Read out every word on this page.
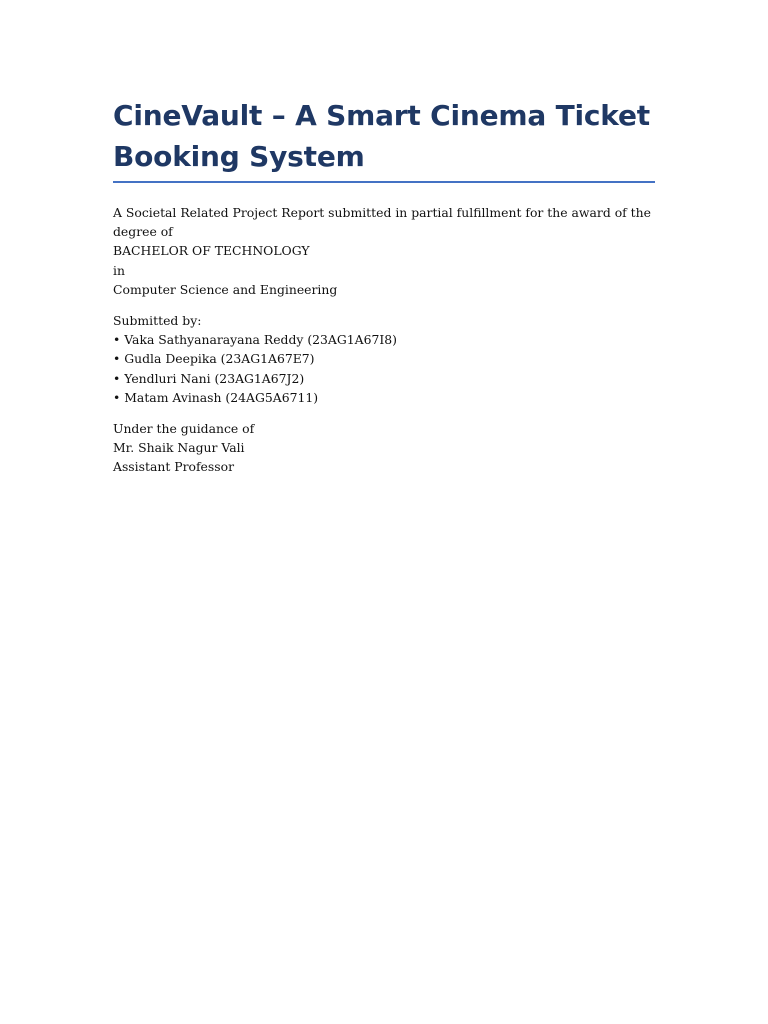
CineVault – A Smart Cinema Ticket Booking System
A Societal Related Project Report submitted in partial fulfillment for the award of the degree of
BACHELOR OF TECHNOLOGY
in
Computer Science and Engineering
Submitted by:
• Vaka Sathyanarayana Reddy (23AG1A67I8)
• Gudla Deepika (23AG1A67E7)
• Yendluri Nani (23AG1A67J2)
• Matam Avinash (24AG5A6711)
Under the guidance of
Mr. Shaik Nagur Vali
Assistant Professor
